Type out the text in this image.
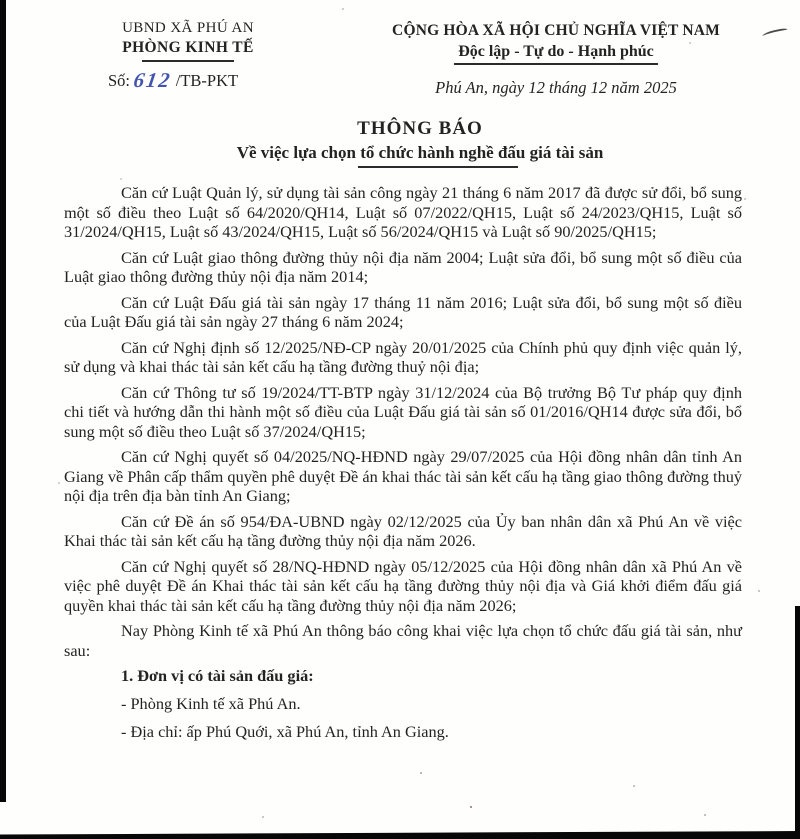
UBND XÃ PHÚ AN
PHÒNG KINH TẾ
Số: 612 /TB-PKT
CỘNG HÒA XÃ HỘI CHỦ NGHĨA VIỆT NAM
Độc lập - Tự do - Hạnh phúc
Phú An, ngày 12 tháng 12 năm 2025
THÔNG BÁO
Về việc lựa chọn tổ chức hành nghề đấu giá tài sản

Căn cứ Luật Quản lý, sử dụng tài sản công ngày 21 tháng 6 năm 2017 đã được sử đổi, bổ sung một số điều theo Luật số 64/2020/QH14, Luật số 07/2022/QH15, Luật số 24/2023/QH15, Luật số 31/2024/QH15, Luật số 43/2024/QH15, Luật số 56/2024/QH15 và Luật số 90/2025/QH15;

Căn cứ Luật giao thông đường thủy nội địa năm 2004; Luật sửa đổi, bổ sung một số điều của Luật giao thông đường thủy nội địa năm 2014;

Căn cứ Luật Đấu giá tài sản ngày 17 tháng 11 năm 2016; Luật sửa đổi, bổ sung một số điều của Luật Đấu giá tài sản ngày 27 tháng 6 năm 2024;

Căn cứ Nghị định số 12/2025/NĐ-CP ngày 20/01/2025 của Chính phủ quy định việc quản lý, sử dụng và khai thác tài sản kết cấu hạ tầng đường thuỷ nội địa;

Căn cứ Thông tư số 19/2024/TT-BTP ngày 31/12/2024 của Bộ trưởng Bộ Tư pháp quy định chi tiết và hướng dẫn thi hành một số điều của Luật Đấu giá tài sản số 01/2016/QH14 được sửa đổi, bổ sung một số điều theo Luật số 37/2024/QH15;

Căn cứ Nghị quyết số 04/2025/NQ-HĐND ngày 29/07/2025 của Hội đồng nhân dân tỉnh An Giang về Phân cấp thẩm quyền phê duyệt Đề án khai thác tài sản kết cấu hạ tầng giao thông đường thuỷ nội địa trên địa bàn tỉnh An Giang;

Căn cứ Đề án số 954/ĐA-UBND ngày 02/12/2025 của Ủy ban nhân dân xã Phú An về việc Khai thác tài sản kết cấu hạ tầng đường thủy nội địa năm 2026.

Căn cứ Nghị quyết số 28/NQ-HĐND ngày 05/12/2025 của Hội đồng nhân dân xã Phú An về việc phê duyệt Đề án Khai thác tài sản kết cấu hạ tầng đường thủy nội địa và Giá khởi điểm đấu giá quyền khai thác tài sản kết cấu hạ tầng đường thủy nội địa năm 2026;

Nay Phòng Kinh tế xã Phú An thông báo công khai việc lựa chọn tổ chức đấu giá tài sản, như sau:

1. Đơn vị có tài sản đấu giá:

- Phòng Kinh tế xã Phú An.

- Địa chỉ: ấp Phú Quới, xã Phú An, tỉnh An Giang.
